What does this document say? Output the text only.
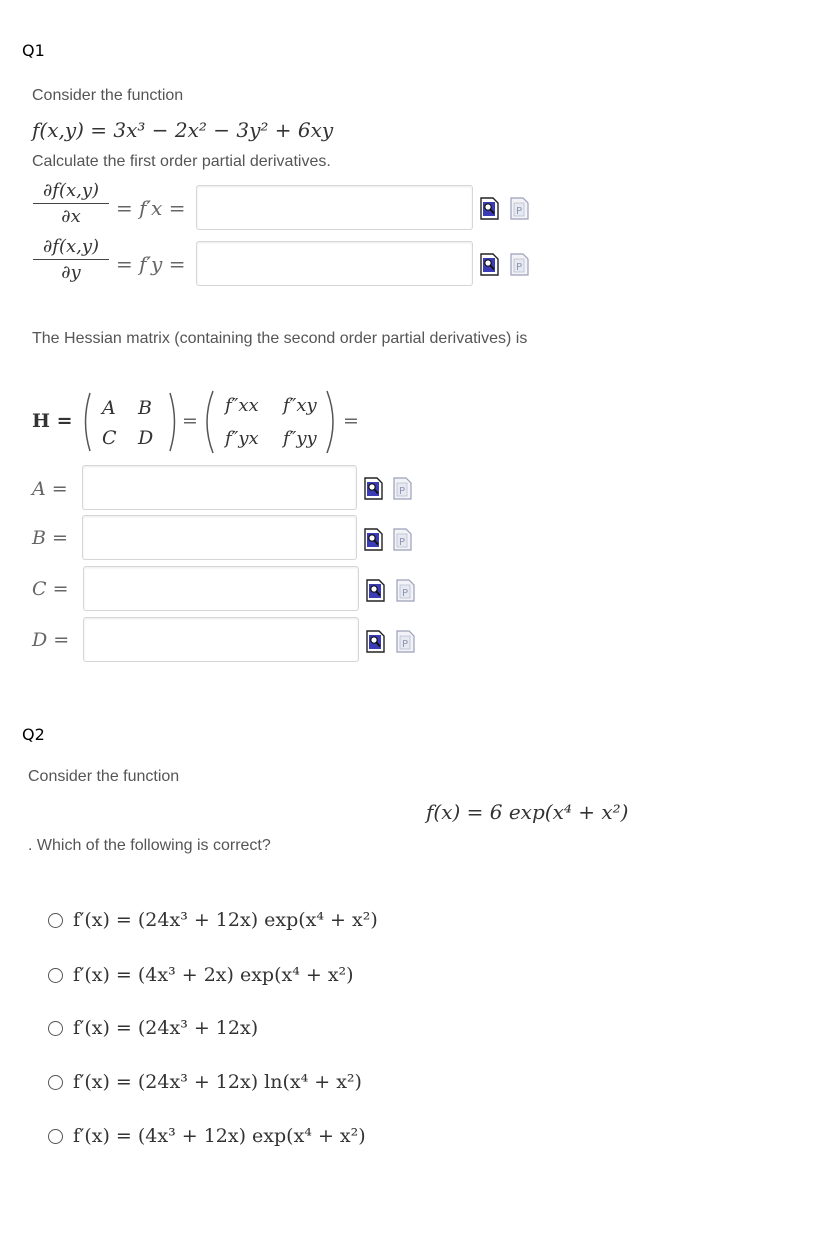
Q1
Consider the function
f(x,y) = 3x³ − 2x² − 3y² + 6xy
Calculate the first order partial derivatives.
∂f(x,y)
∂x	= f′x =
∂f(x,y)
∂y	= f′y =
The Hessian matrix (containing the second order partial derivatives) is
H =
A B
C D
=
f″xx f″xy
f″yx f″yy
=
A =
B =
C =
D =
Q2
Consider the function
f(x) = 6 exp(x⁴ + x²)
. Which of the following is correct?
f′(x) = (24x³ + 12x) exp(x⁴ + x²)
f′(x) = (4x³ + 2x) exp(x⁴ + x²)
f′(x) = (24x³ + 12x)
f′(x) = (24x³ + 12x) ln(x⁴ + x²)
f′(x) = (4x³ + 12x) exp(x⁴ + x²)
